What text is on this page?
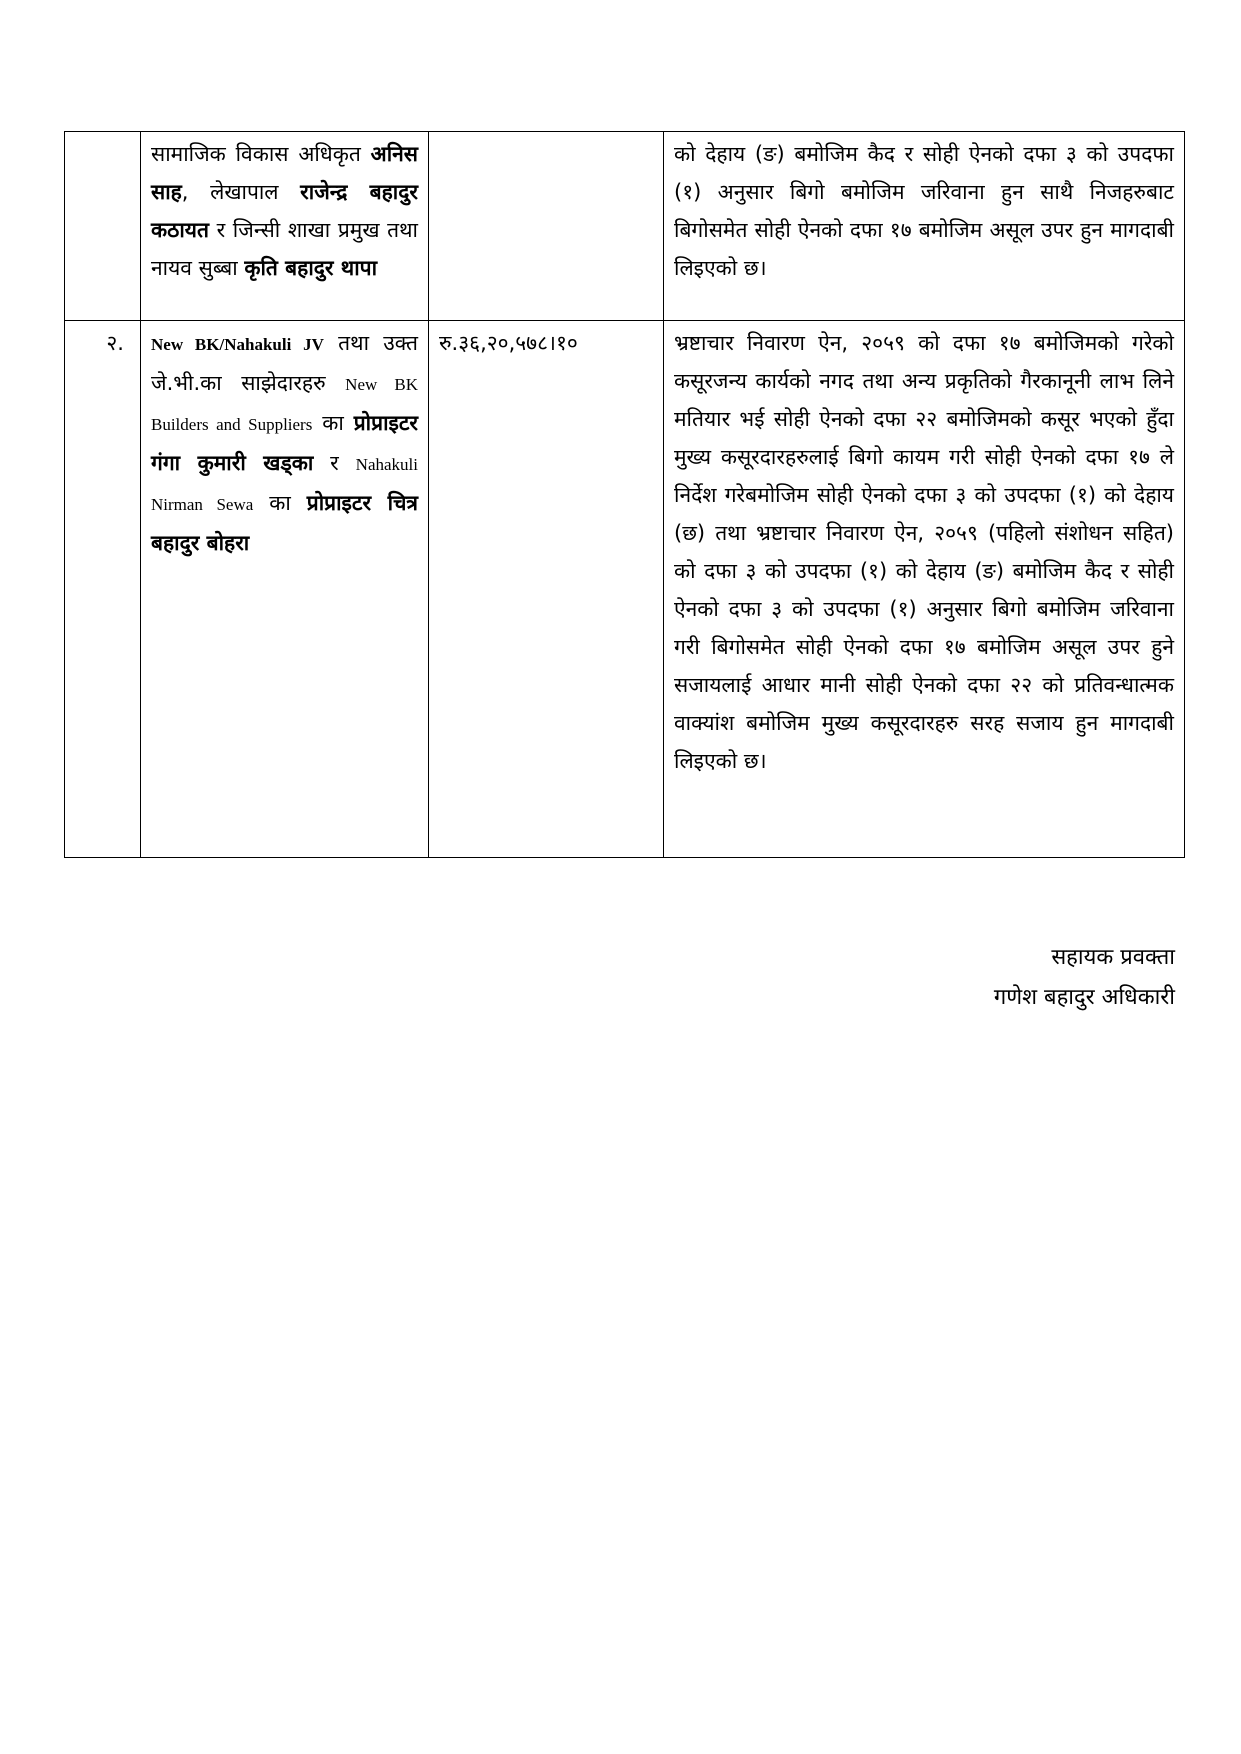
	सामाजिक विकास अधिकृत अनिस साह, लेखापाल राजेन्द्र बहादुर कठायत र जिन्सी शाखा प्रमुख तथा नायव सुब्बा कृति बहादुर थापा		को देहाय (ङ) बमोजिम कैद र सोही ऐनको दफा ३ को उपदफा (१) अनुसार बिगो बमोजिम जरिवाना हुन साथै निजहरुबाट बिगोसमेत सोही ऐनको दफा १७ बमोजिम असूल उपर हुन मागदाबी लिइएको छ।
२.	New BK/Nahakuli JV तथा उक्त जे.भी.का साझेदारहरु New BK Builders and Suppliers का प्रोप्राइटर गंगा कुमारी खड्का र Nahakuli Nirman Sewa का प्रोप्राइटर चित्र बहादुर बोहरा	रु.३६,२०,५७८।१०	भ्रष्टाचार निवारण ऐन, २०५९ को दफा १७ बमोजिमको गरेको कसूरजन्य कार्यको नगद तथा अन्य प्रकृतिको गैरकानूनी लाभ लिने मतियार भई सोही ऐनको दफा २२ बमोजिमको कसूर भएको हुँदा मुख्य कसूरदारहरुलाई बिगो कायम गरी सोही ऐनको दफा १७ ले निर्देश गरेबमोजिम सोही ऐनको दफा ३ को उपदफा (१) को देहाय (छ) तथा भ्रष्टाचार निवारण ऐन, २०५९ (पहिलो संशोधन सहित) को दफा ३ को उपदफा (१) को देहाय (ङ) बमोजिम कैद र सोही ऐनको दफा ३ को उपदफा (१) अनुसार बिगो बमोजिम जरिवाना गरी बिगोसमेत सोही ऐनको दफा १७ बमोजिम असूल उपर हुने सजायलाई आधार मानी सोही ऐनको दफा २२ को प्रतिवन्धात्मक वाक्यांश बमोजिम मुख्य कसूरदारहरु सरह सजाय हुन मागदाबी लिइएको छ।
सहायक प्रवक्ता
गणेश बहादुर अधिकारी
